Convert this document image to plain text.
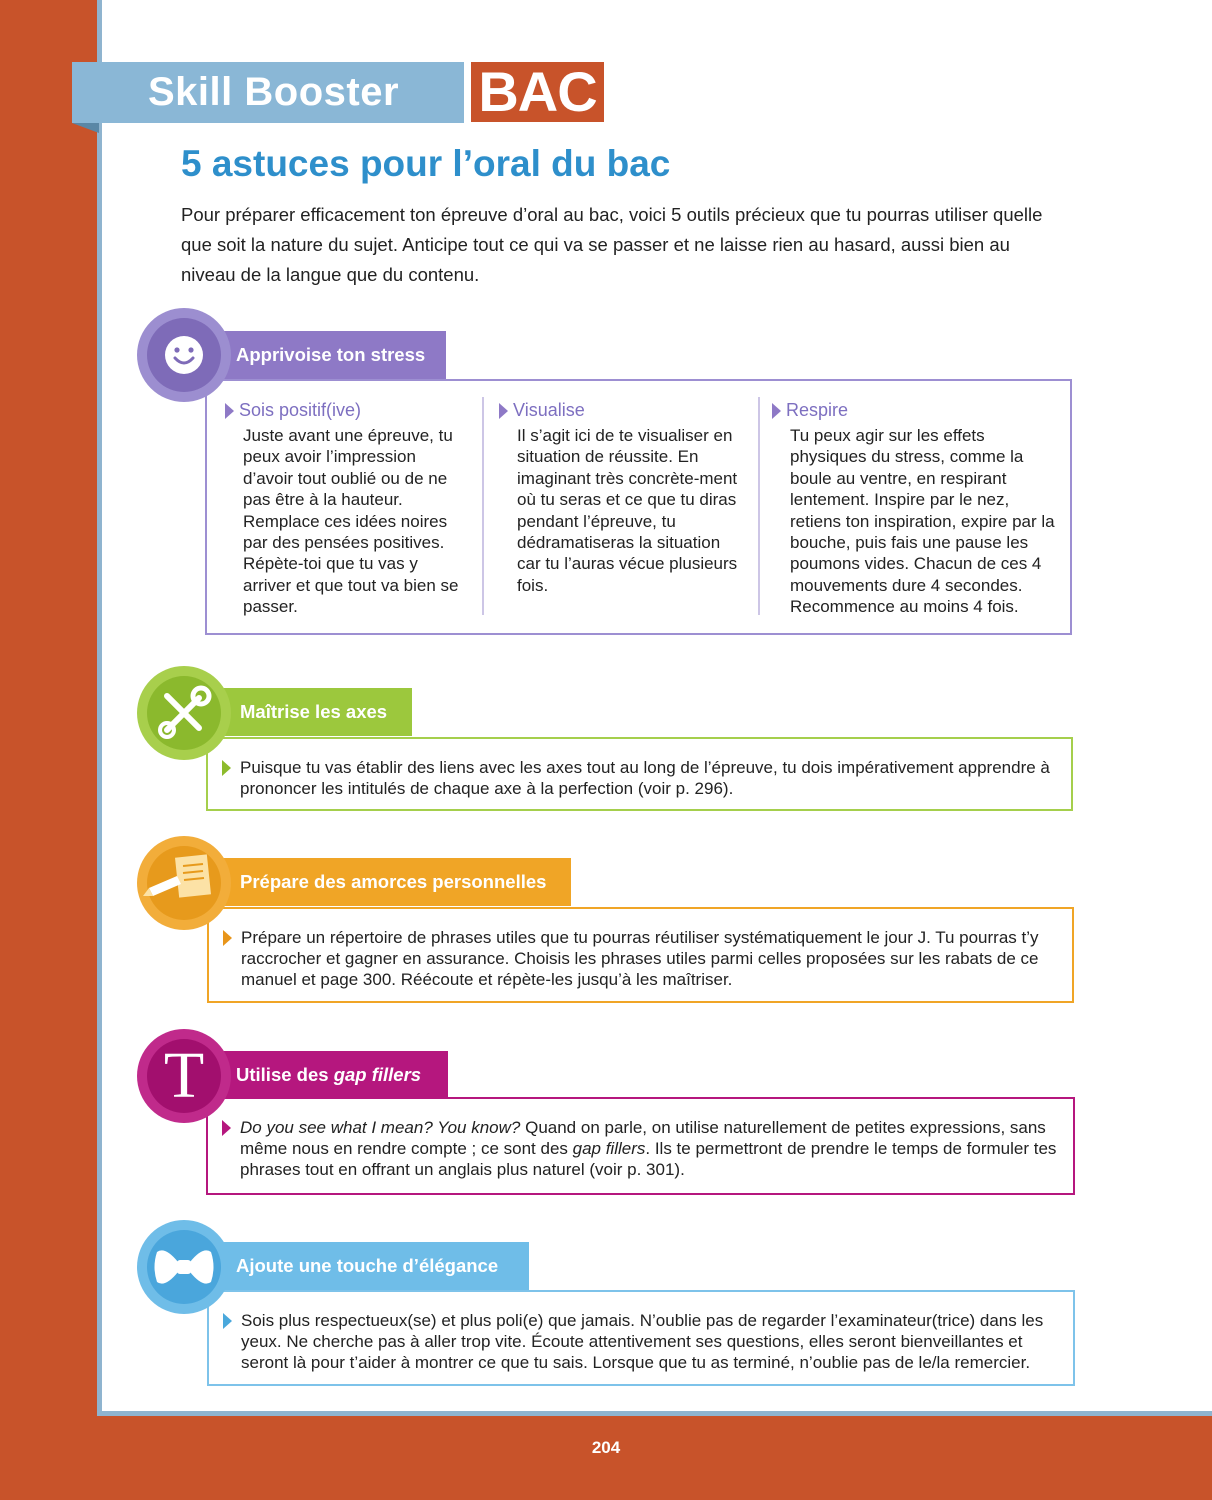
Skill Booster BAC
5 astuces pour l’oral du bac
Pour préparer efficacement ton épreuve d’oral au bac, voici 5 outils précieux que tu pourras utiliser quelle que soit la nature du sujet. Anticipe tout ce qui va se passer et ne laisse rien au hasard, aussi bien au niveau de la langue que du contenu.
Sois positif(ive)
Juste avant une épreuve, tu peux avoir l’impression d’avoir tout oublié ou de ne pas être à la hauteur. Remplace ces idées noires par des pensées positives. Répète-toi que tu vas y arriver et que tout va bien se passer.
Visualise
Il s’agit ici de te visualiser en situation de réussite. En imaginant très concrète-ment où tu seras et ce que tu diras pendant l’épreuve, tu dédramatiseras la situation car tu l’auras vécue plusieurs fois.
Respire
Tu peux agir sur les effets physiques du stress, comme la boule au ventre, en respirant lentement. Inspire par le nez, retiens ton inspiration, expire par la bouche, puis fais une pause les poumons vides. Chacun de ces 4 mouvements dure 4 secondes. Recommence au moins 4 fois.
Apprivoise ton stress
Puisque tu vas établir des liens avec les axes tout au long de l’épreuve, tu dois impérativement apprendre à prononcer les intitulés de chaque axe à la perfection (voir p. 296).
Maîtrise les axes
Prépare un répertoire de phrases utiles que tu pourras réutiliser systématiquement le jour J. Tu pourras t’y raccrocher et gagner en assurance. Choisis les phrases utiles parmi celles proposées sur les rabats de ce manuel et page 300. Réécoute et répète-les jusqu’à les maîtriser.
Prépare des amorces personnelles
Do you see what I mean? You know? Quand on parle, on utilise naturellement de petites expressions, sans même nous en rendre compte ; ce sont des gap fillers. Ils te permettront de prendre le temps de formuler tes phrases tout en offrant un anglais plus naturel (voir p. 301).
Utilise des gap fillers
T
Sois plus respectueux(se) et plus poli(e) que jamais. N’oublie pas de regarder l’examinateur(trice) dans les yeux. Ne cherche pas à aller trop vite. Écoute attentivement ses questions, elles seront bienveillantes et seront là pour t’aider à montrer ce que tu sais. Lorsque que tu as terminé, n’oublie pas de le/la remercier.
Ajoute une touche d’élégance
204
